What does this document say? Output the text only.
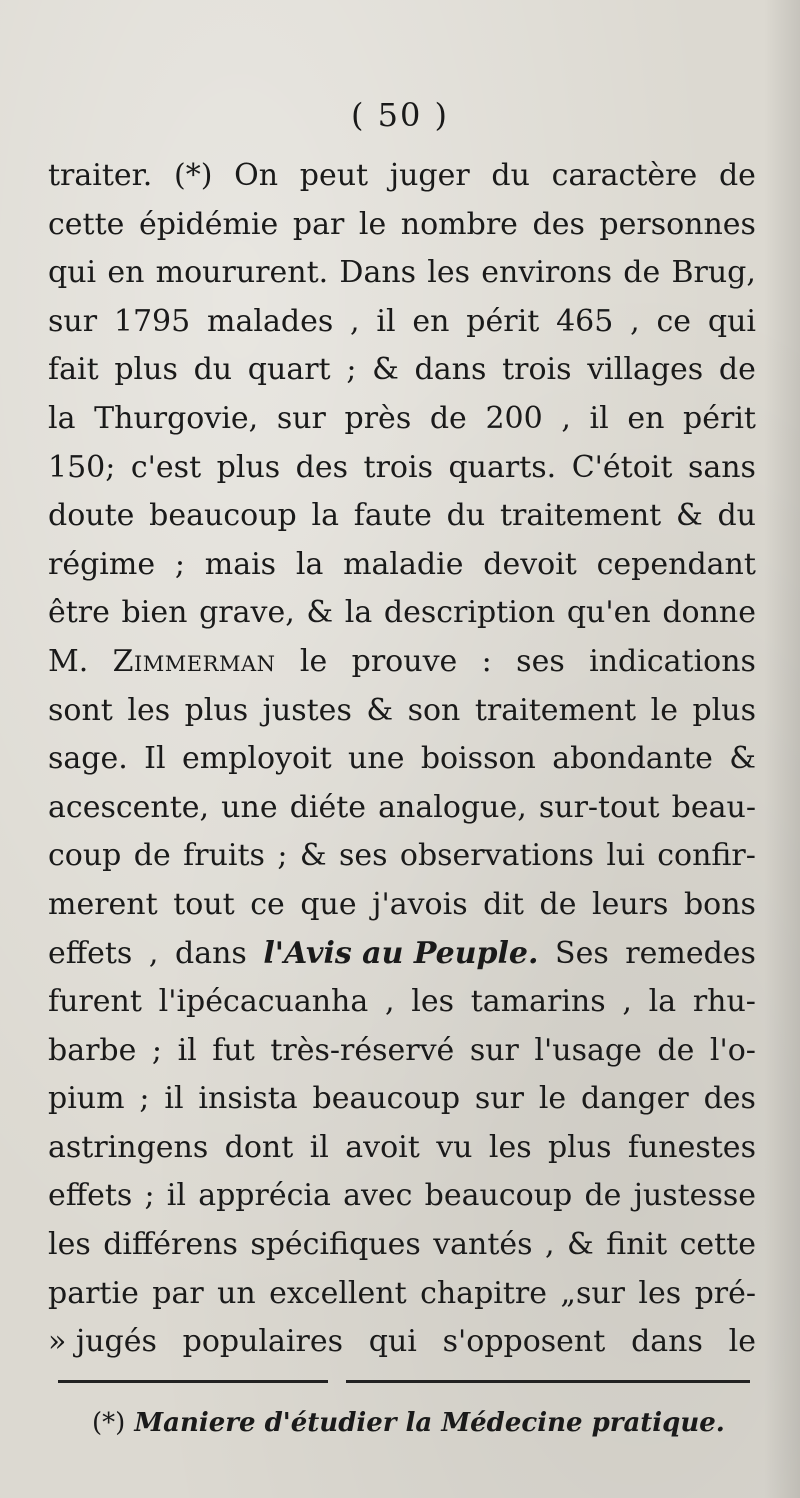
( 50 )
traiter. (*) On peut juger du caractère de
cette épidémie par le nombre des personnes
qui en moururent. Dans les environs de Brug,
sur 1795 malades , il en périt 465 , ce qui
fait plus du quart ; & dans trois villages de
la Thurgovie, sur près de 200 , il en périt
150; c'est plus des trois quarts. C'étoit sans
doute beaucoup la faute du traitement & du
régime ; mais la maladie devoit cependant
être bien grave, & la description qu'en donne
M. Zimmerman le prouve : ses indications
sont les plus justes & son traitement le plus
sage. Il employoit une boisson abondante &
acescente, une diéte analogue, sur-tout beau-
coup de fruits ; & ses observations lui confir-
merent tout ce que j'avois dit de leurs bons
effets , dans l'Avis au Peuple. Ses remedes
furent l'ipécacuanha , les tamarins , la rhu-
barbe ; il fut très-réservé sur l'usage de l'o-
pium ; il insista beaucoup sur le danger des
astringens dont il avoit vu les plus funestes
effets ; il apprécia avec beaucoup de justesse
les différens spécifiques vantés , & finit cette
partie par un excellent chapitre „sur les pré-
» jugés populaires qui s'opposent dans le
(*) Maniere d'étudier la Médecine pratique.
